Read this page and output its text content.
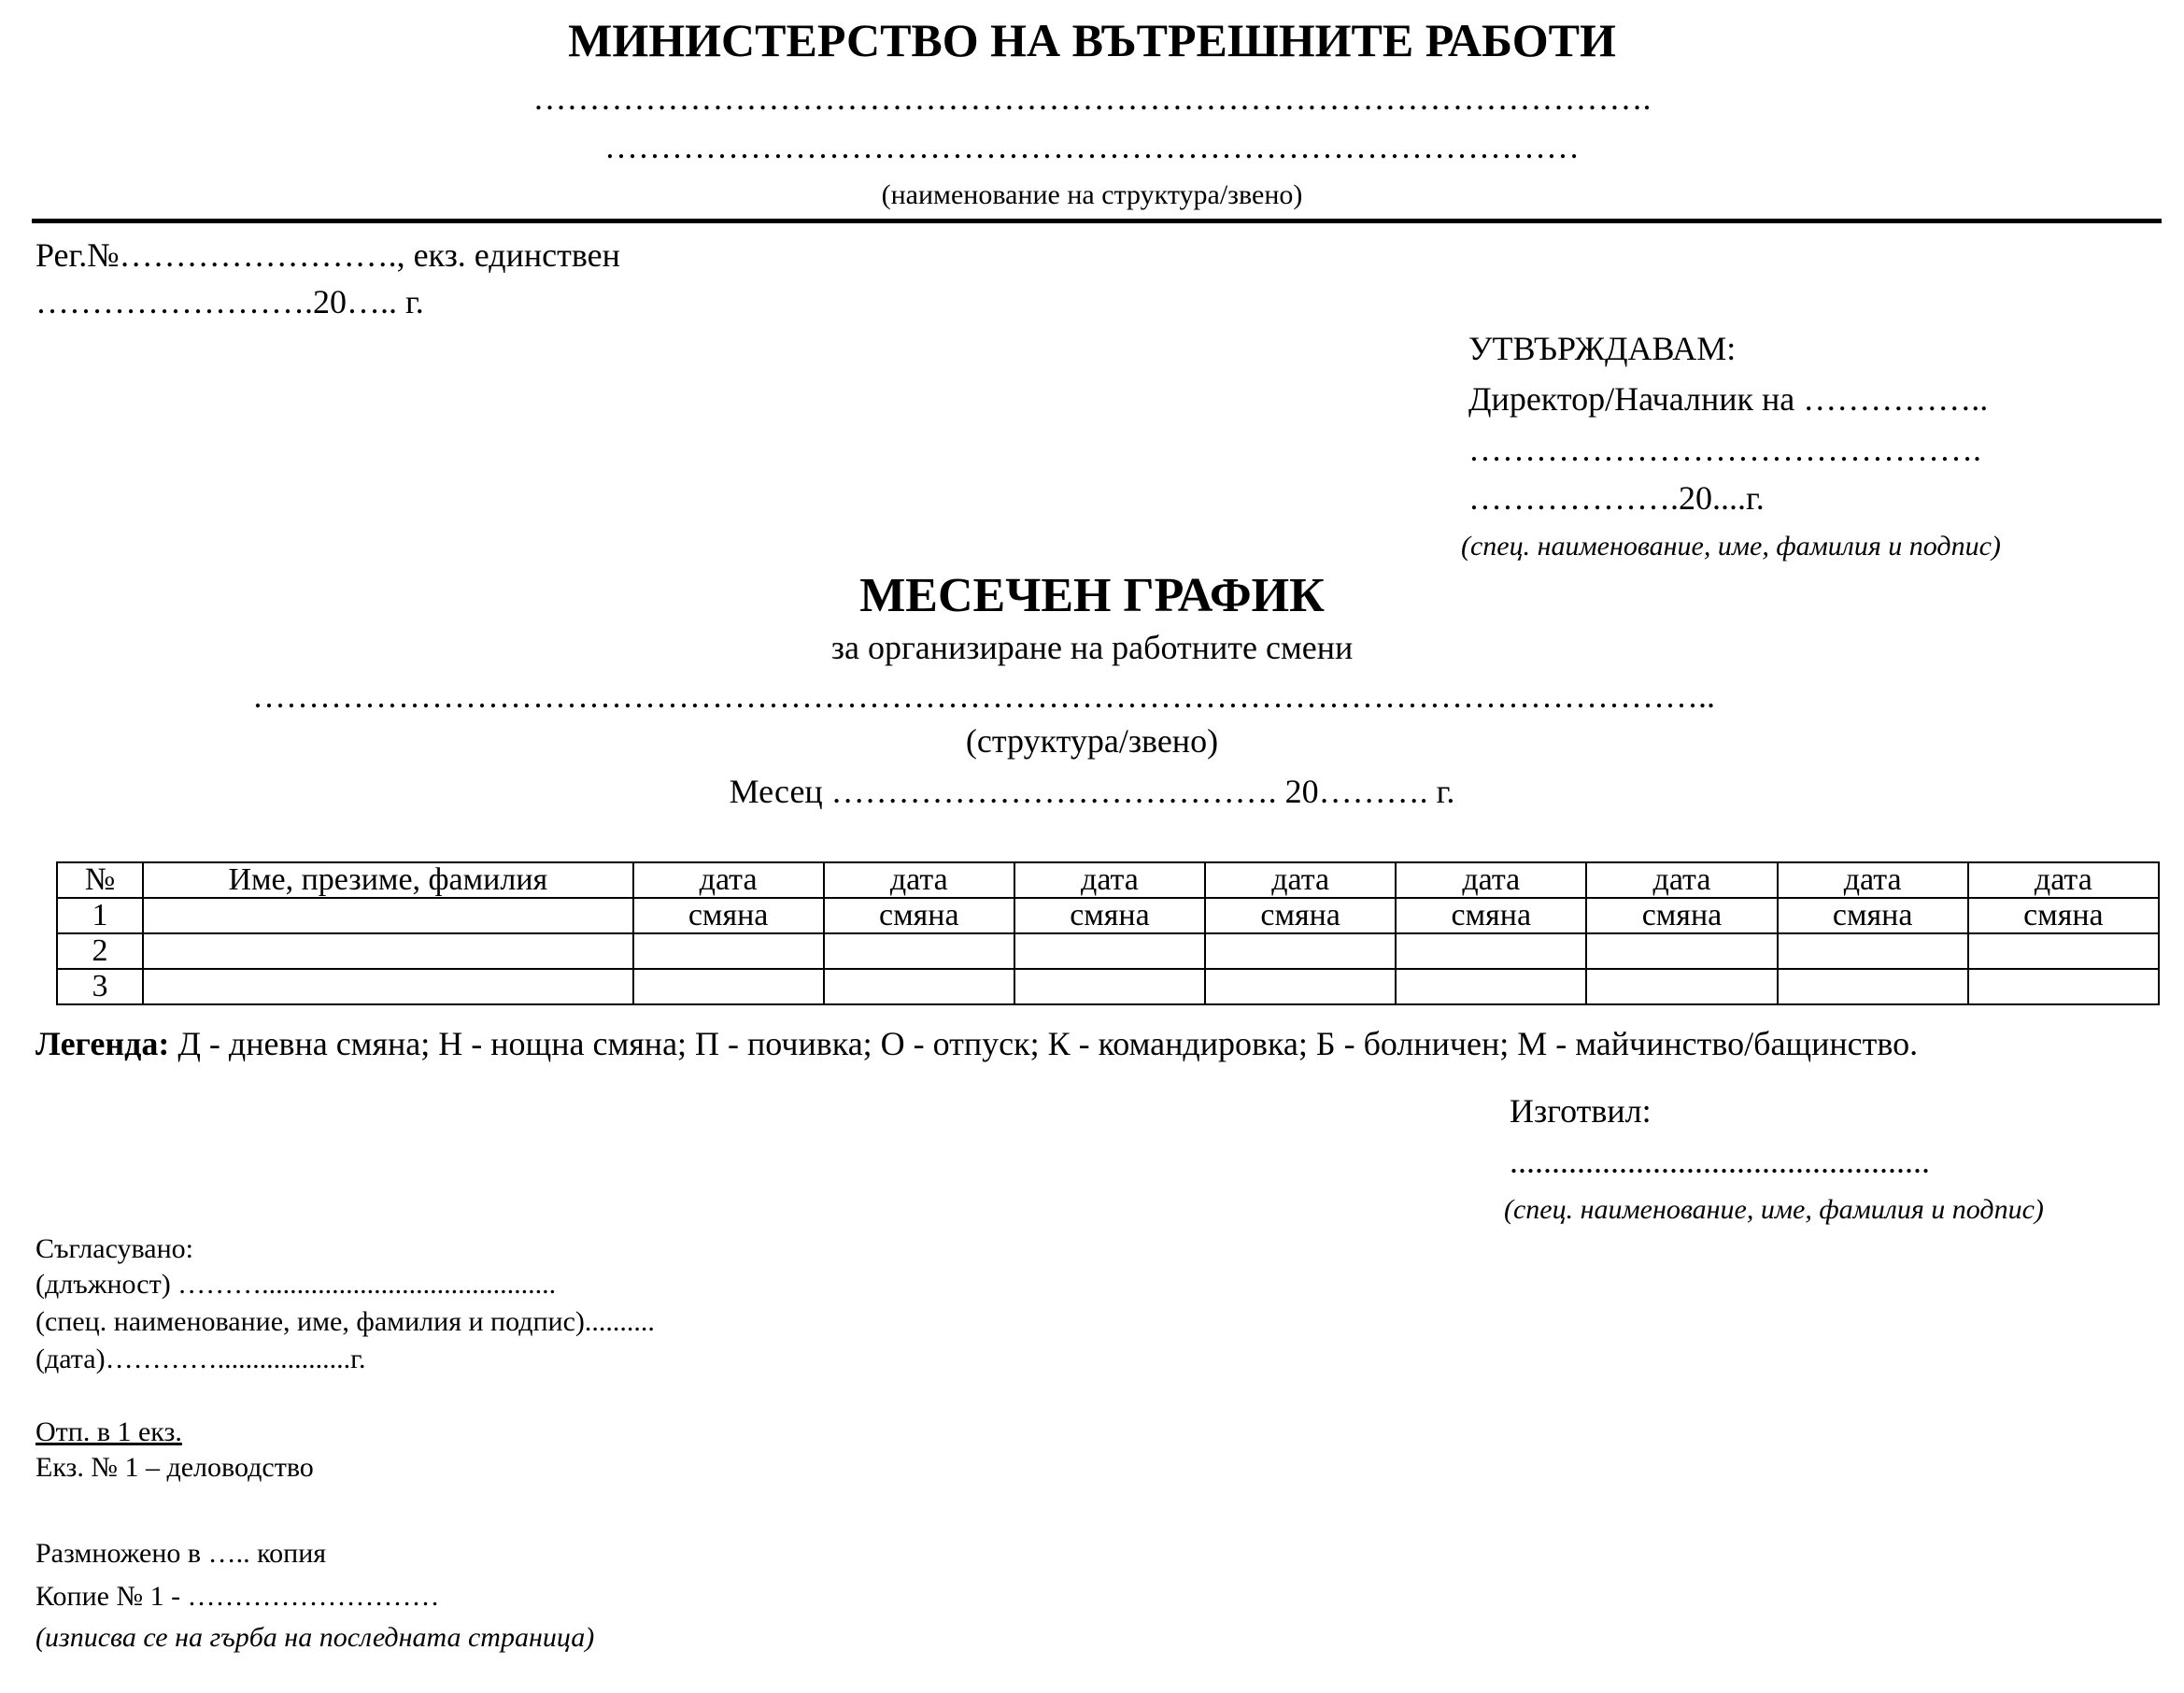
МИНИСТЕРСТВО НА ВЪТРЕШНИТЕ РАБОТИ
……………………………………………………………………………………….
……………………………………………………………………………
(наименование на структура/звено)
Рег.№……………………., екз. единствен
…………………….20….. г.
УТВЪРЖДАВАМ:
Директор/Началник на ……………..
……………………………………….
……………….20....г.
(спец. наименование, име, фамилия и подпис)
МЕСЕЧЕН ГРАФИК
за организиране на работните смени
…………………………………………………………………………………………………………………..
(структура/звено)
Месец …………………………………. 20………. г.
№	Име, презиме, фамилия	дата	дата	дата	дата	дата	дата	дата	дата
1		смяна	смяна	смяна	смяна	смяна	смяна	смяна	смяна
2									
3									
Легенда: Д - дневна смяна; Н - нощна смяна; П - почивка; О - отпуск; К - командировка; Б - болничен; М - майчинство/бащинство.
Изготвил:
..................................................
(спец. наименование, име, фамилия и подпис)
Съгласувано:
(длъжност) ………..........................................
(спец. наименование, име, фамилия и подпис)..........
(дата)…………...................г.
Отп. в 1 екз.
Екз. № 1 – деловодство
Размножено в ….. копия
Копие № 1 - ………………………
(изписва се на гърба на последната страница)
